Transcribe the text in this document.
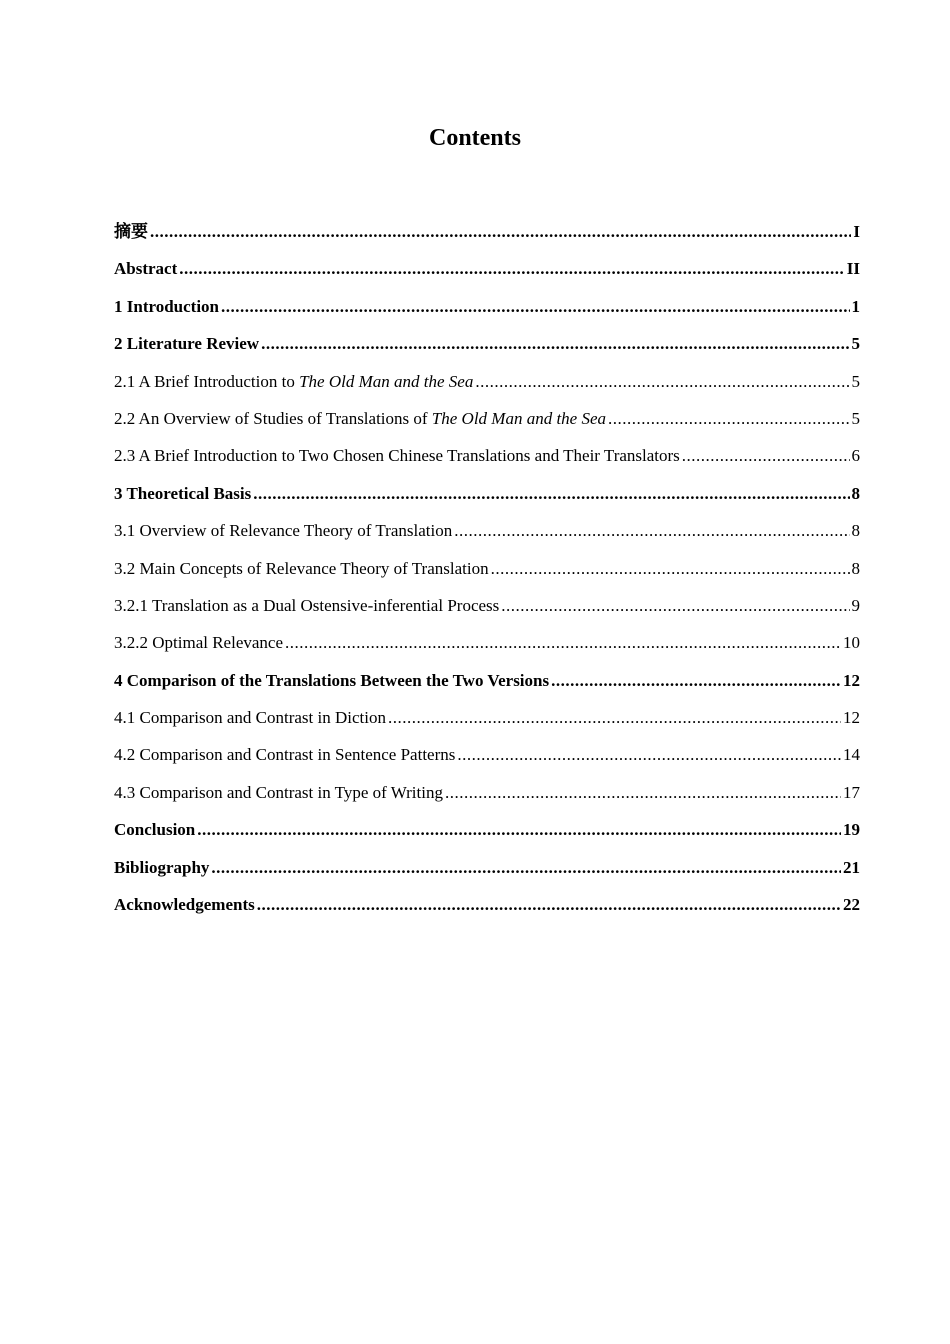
Contents
摘要 .....	I
Abstract .....	II
1 Introduction .....	1
2 Literature Review .....	5
2.1 A Brief Introduction to The Old Man and the Sea .....	5
2.2 An Overview of Studies of Translations of The Old Man and the Sea .....	5
2.3 A Brief Introduction to Two Chosen Chinese Translations and Their Translators .....	6
3 Theoretical Basis .....	8
3.1 Overview of Relevance Theory of Translation .....	8
3.2 Main Concepts of Relevance Theory of Translation .....	8
3.2.1 Translation as a Dual Ostensive-inferential Process .....	9
3.2.2 Optimal Relevance .....	10
4 Comparison of the Translations Between the Two Versions .....	12
4.1 Comparison and Contrast in Diction .....	12
4.2 Comparison and Contrast in Sentence Patterns .....	14
4.3 Comparison and Contrast in Type of Writing .....	17
Conclusion .....	19
Bibliography .....	21
Acknowledgements .....	22
